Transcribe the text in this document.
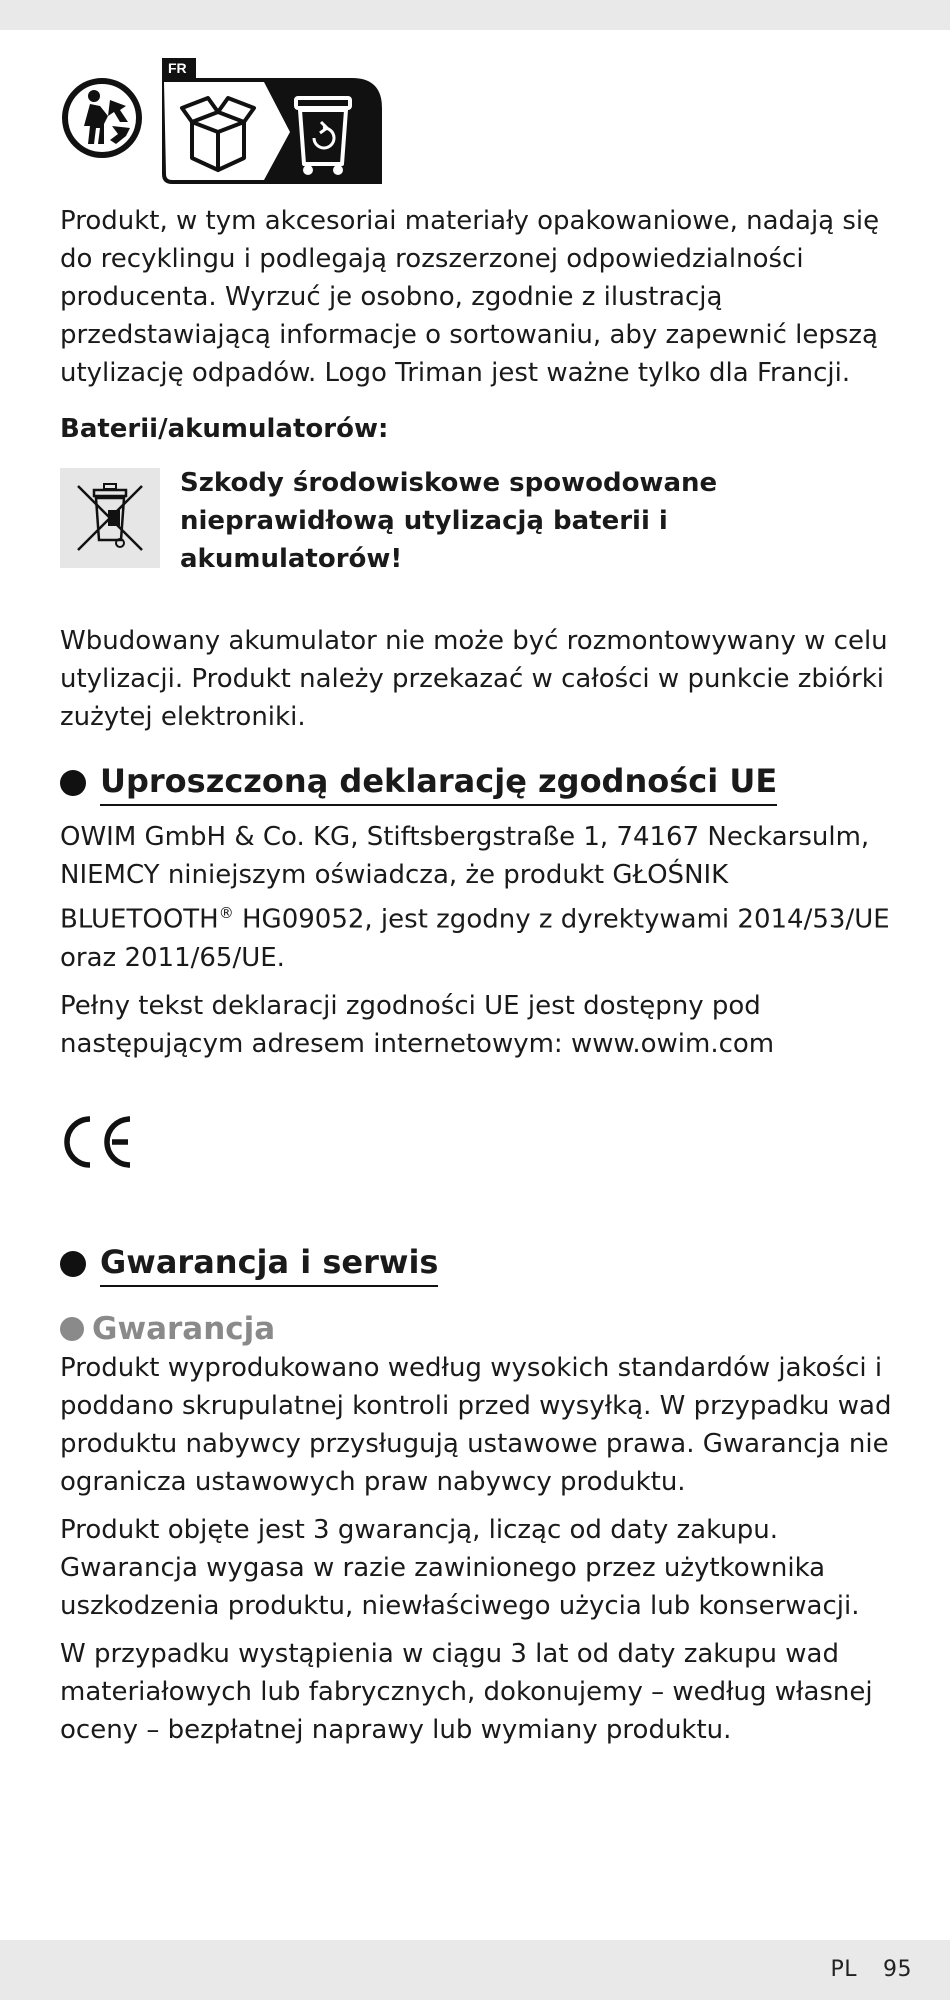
FR

Produkt, w tym akcesoriai materiały opakowaniowe, nadają się do recyklingu i podlegają rozszerzonej odpowiedzialności producenta. Wyrzuć je osobno, zgodnie z ilustracją przedstawiającą informacje o sortowaniu, aby zapewnić lepszą utylizację odpadów. Logo Triman jest ważne tylko dla Francji.

Baterii/akumulatorów:

Szkody środowiskowe spowodowane nieprawidłową utylizacją baterii i akumulatorów!

Wbudowany akumulator nie może być rozmontowywany w celu utylizacji. Produkt należy przekazać w całości w punkcie zbiórki zużytej elektroniki.

Uproszczoną deklarację zgodności UE

OWIM GmbH & Co. KG, Stiftsbergstraße 1, 74167 Neckarsulm, NIEMCY niniejszym oświadcza, że produkt GŁOŚNIK BLUETOOTH® HG09052, jest zgodny z dyrektywami 2014/53/UE oraz 2011/65/UE.

Pełny tekst deklaracji zgodności UE jest dostępny pod następującym adresem internetowym: www.owim.com

Gwarancja i serwis
Gwarancja

Produkt wyprodukowano według wysokich standardów jakości i poddano skrupulatnej kontroli przed wysyłką. W przypadku wad produktu nabywcy przysługują ustawowe prawa. Gwarancja nie ogranicza ustawowych praw nabywcy produktu.

Produkt objęte jest 3 gwarancją, licząc od daty zakupu. Gwarancja wygasa w razie zawinionego przez użytkownika uszkodzenia produktu, niewłaściwego użycia lub konserwacji.

W przypadku wystąpienia w ciągu 3 lat od daty zakupu wad materiałowych lub fabrycznych, dokonujemy – według własnej oceny – bezpłatnej naprawy lub wymiany produktu.

PL 95
